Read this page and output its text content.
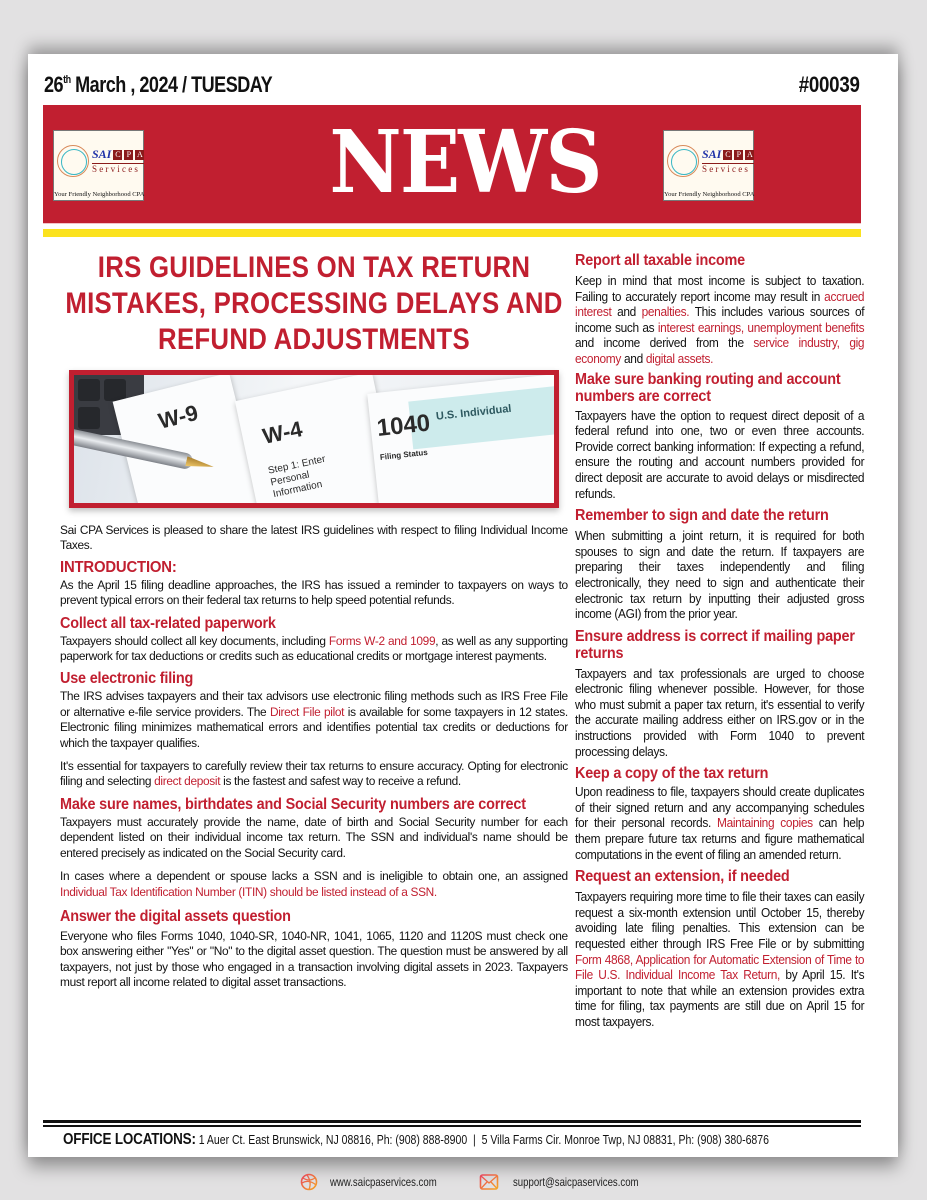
26th March , 2024 / TUESDAY	#00039
SAI C P A
Services
Your Friendly Neighborhood CPA NEWS	SAI C P A
Services
Your Friendly Neighborhood CPA
IRS GUIDELINES ON TAX RETURN MISTAKES, PROCESSING DELAYS AND REFUND ADJUSTMENTS
W-9	W-4
Step 1: Enter Personal Information
1040 U.S. Individual
Filing Status

Sai CPA Services is pleased to share the latest IRS guidelines with respect to filing Individual Income Taxes.

INTRODUCTION:

As the April 15 filing deadline approaches, the IRS has issued a reminder to taxpayers on ways to prevent typical errors on their federal tax returns to help speed potential refunds.

Collect all tax-related paperwork

Taxpayers should collect all key documents, including Forms W-2 and 1099, as well as any supporting paperwork for tax deductions or credits such as educational credits or mortgage interest payments.

Use electronic filing

The IRS advises taxpayers and their tax advisors use electronic filing methods such as IRS Free File or alternative e-file service providers. The Direct File pilot is available for some taxpayers in 12 states. Electronic filing minimizes mathematical errors and identifies potential tax credits or deductions for which the taxpayer qualifies.

It's essential for taxpayers to carefully review their tax returns to ensure accuracy. Opting for electronic filing and selecting direct deposit is the fastest and safest way to receive a refund.

Make sure names, birthdates and Social Security numbers are correct

Taxpayers must accurately provide the name, date of birth and Social Security number for each dependent listed on their individual income tax return. The SSN and individual's name should be entered precisely as indicated on the Social Security card.

In cases where a dependent or spouse lacks a SSN and is ineligible to obtain one, an assigned Individual Tax Identification Number (ITIN) should be listed instead of a SSN.

Answer the digital assets question

Everyone who files Forms 1040, 1040-SR, 1040-NR, 1041, 1065, 1120 and 1120S must check one box answering either "Yes" or "No" to the digital asset question. The question must be answered by all taxpayers, not just by those who engaged in a transaction involving digital assets in 2023. Taxpayers must report all income related to digital asset transactions.

Report all taxable income

Keep in mind that most income is subject to taxation. Failing to accurately report income may result in accrued interest and penalties. This includes various sources of income such as interest earnings, unemployment benefits and income derived from the service industry, gig economy and digital assets.

Make sure banking routing and account numbers are correct

Taxpayers have the option to request direct deposit of a federal refund into one, two or even three accounts. Provide correct banking information: If expecting a refund, ensure the routing and account numbers provided for direct deposit are accurate to avoid delays or misdirected refunds.

Remember to sign and date the return

When submitting a joint return, it is required for both spouses to sign and date the return. If taxpayers are preparing their taxes independently and filing electronically, they need to sign and authenticate their electronic tax return by inputting their adjusted gross income (AGI) from the prior year.

Ensure address is correct if mailing paper returns

Taxpayers and tax professionals are urged to choose electronic filing whenever possible. However, for those who must submit a paper tax return, it's essential to verify the accurate mailing address either on IRS.gov or in the instructions provided with Form 1040 to prevent processing delays.

Keep a copy of the tax return

Upon readiness to file, taxpayers should create duplicates of their signed return and any accompanying schedules for their personal records. Maintaining copies can help them prepare future tax returns and figure mathematical computations in the event of filing an amended return.

Request an extension, if needed

Taxpayers requiring more time to file their taxes can easily request a six-month extension until October 15, thereby avoiding late filing penalties. This extension can be requested either through IRS Free File or by submitting Form 4868, Application for Automatic Extension of Time to File U.S. Individual Income Tax Return, by April 15. It's important to note that while an extension provides extra time for filing, tax payments are still due on April 15 for most taxpayers.

OFFICE LOCATIONS: 1 Auer Ct. East Brunswick, NJ 08816, Ph: (908) 888-8900  |  5 Villa Farms Cir. Monroe Twp, NJ 08831, Ph: (908) 380-6876
www.saicpaservices.com	support@saicpaservices.com
